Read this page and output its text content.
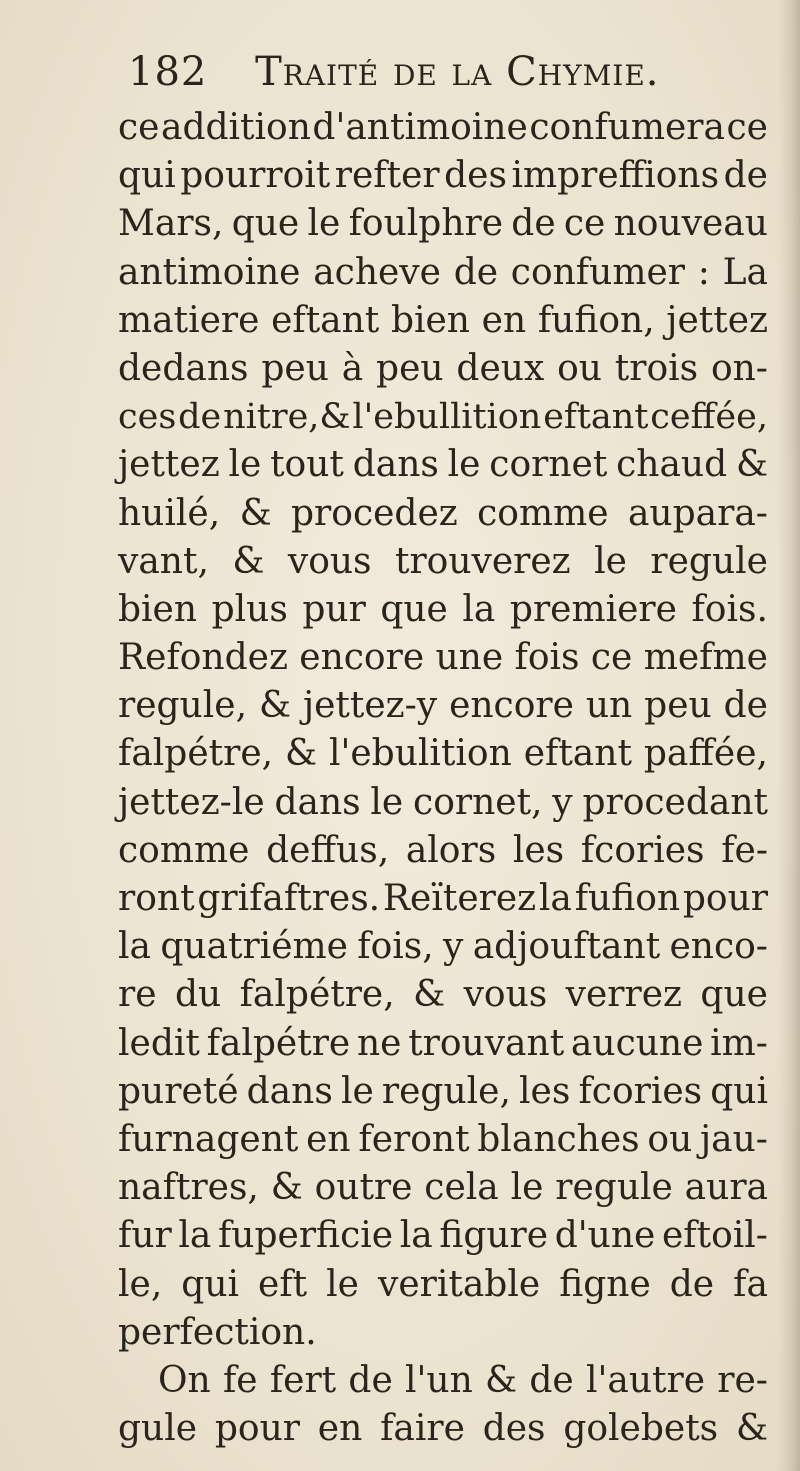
182 Traité de la Chymie.
ce addition d'antimoine confumera ce
qui pourroit refter des impreffions de
Mars, que le foulphre de ce nouveau
antimoine acheve de confumer : La
matiere eftant bien en fufion, jettez
dedans peu à peu deux ou trois on-
ces de nitre,& l'ebullition eftant ceffée,
jettez le tout dans le cornet chaud &
huilé, & procedez comme aupara-
vant, & vous trouverez le regule
bien plus pur que la premiere fois.
Refondez encore une fois ce mefme
regule, & jettez-y encore un peu de
falpétre, & l'ebulition eftant paffée,
jettez-le dans le cornet, y procedant
comme deffus, alors les fcories fe-
ront grifaftres. Reïterez la fufion pour
la quatriéme fois, y adjouftant enco-
re du falpétre, & vous verrez que
ledit falpétre ne trouvant aucune im-
pureté dans le regule, les fcories qui
furnagent en feront blanches ou jau-
naftres, & outre cela le regule aura
fur la fuperficie la figure d'une eftoil-
le, qui eft le veritable figne de fa
perfection.
On fe fert de l'un & de l'autre re-
gule pour en faire des golebets &
